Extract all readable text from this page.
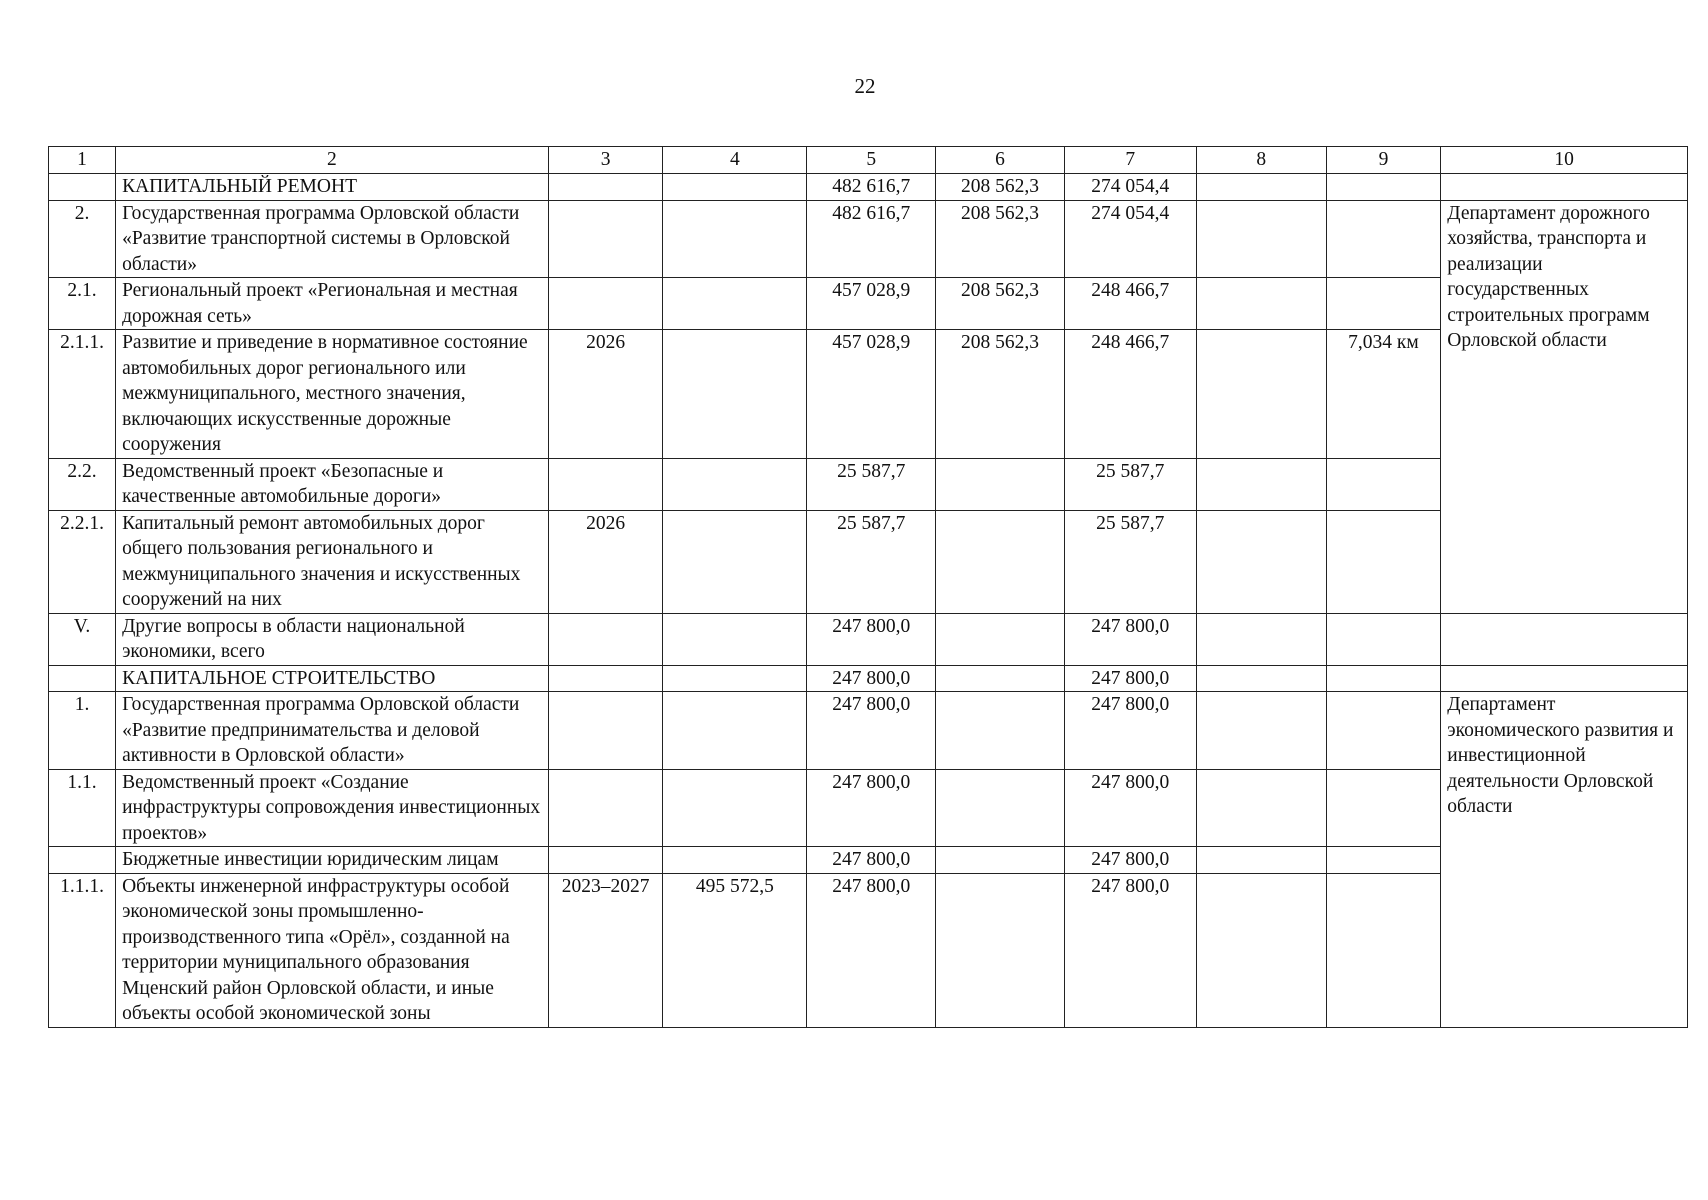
22
1	2	3	4	5	6	7	8	9	10
	КАПИТАЛЬНЫЙ РЕМОНТ			482 616,7	208 562,3	274 054,4			
2.	Государственная программа Орловской области «Развитие транспортной системы в Орловской области»			482 616,7	208 562,3	274 054,4			Департамент дорожного хозяйства, транспорта и реализации государственных строительных программ Орловской области
2.1.	Региональный проект «Региональная и местная дорожная сеть»			457 028,9	208 562,3	248 466,7			
2.1.1.	Развитие и приведение в нормативное состояние автомобильных дорог регионального или межмуниципального, местного значения, включающих искусственные дорожные сооружения	2026		457 028,9	208 562,3	248 466,7		7,034 км	
2.2.	Ведомственный проект «Безопасные и качественные автомобильные дороги»			25 587,7		25 587,7			
2.2.1.	Капитальный ремонт автомобильных дорог общего пользования регионального и межмуниципального значения и искусственных сооружений на них	2026		25 587,7		25 587,7			
V.	Другие вопросы в области национальной экономики, всего			247 800,0		247 800,0			
	КАПИТАЛЬНОЕ СТРОИТЕЛЬСТВО			247 800,0		247 800,0			
1.	Государственная программа Орловской области «Развитие предпринимательства и деловой активности в Орловской области»			247 800,0		247 800,0			Департамент экономического развития и инвестиционной деятельности Орловской области
1.1.	Ведомственный проект «Создание инфраструктуры сопровождения инвестиционных проектов»			247 800,0		247 800,0			
	Бюджетные инвестиции юридическим лицам			247 800,0		247 800,0			
1.1.1.	Объекты инженерной инфраструктуры особой экономической зоны промышленно-производственного типа «Орёл», созданной на территории муниципального образования Мценский район Орловской области, и иные объекты особой экономической зоны	2023–2027	495 572,5	247 800,0		247 800,0			
